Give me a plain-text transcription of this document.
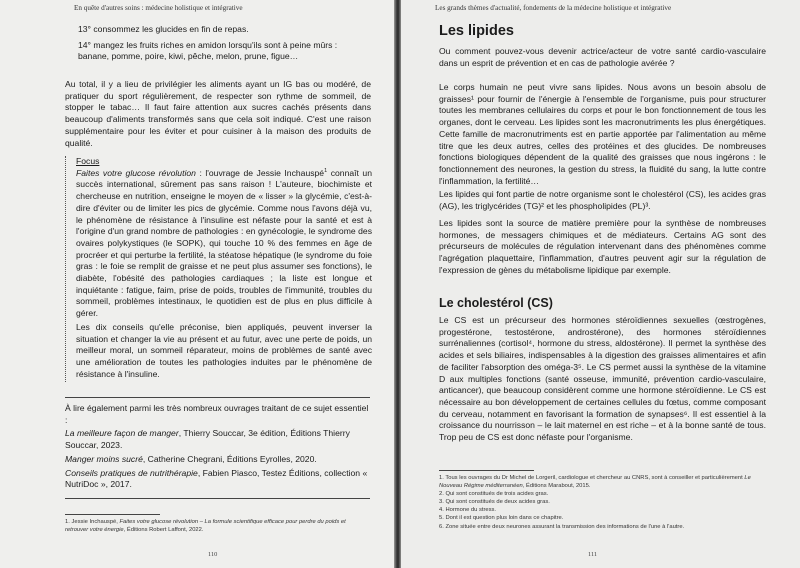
En quête d'autres soins : médecine holistique et intégrative

13° consommez les glucides en fin de repas.

14° mangez les fruits riches en amidon lorsqu'ils sont à peine mûrs : banane, pomme, poire, kiwi, pêche, melon, prune, figue…

Au total, il y a lieu de privilégier les aliments ayant un IG bas ou modéré, de pratiquer du sport régulièrement, de respecter son rythme de sommeil, de stopper le tabac… Il faut faire attention aux sucres cachés présents dans beaucoup d'aliments transformés sans que cela soit indiqué. C'est une raison supplémentaire pour les éviter et pour cuisiner à la maison des produits de qualité.

Focus

Faites votre glucose révolution : l'ouvrage de Jessie Inchauspé$^1$ connaît un succès international, sûrement pas sans raison ! L'auteure, biochimiste et chercheuse en nutrition, enseigne le moyen de « lisser » la glycémie, c'est-à-dire d'éviter ou de limiter les pics de glycémie. Comme nous l'avons déjà vu, le phénomène de résistance à l'insuline est néfaste pour la santé et est à l'origine d'un grand nombre de pathologies : en gynécologie, le syndrome des ovaires polykystiques (le SOPK), qui touche 10 % des femmes en âge de procréer et qui perturbe la fertilité, la stéatose hépatique (le syndrome du foie gras : le foie se remplit de graisse et ne peut plus assumer ses fonctions), le diabète, l'obésité des pathologies cardiaques ; la liste est longue et inquiétante : fatigue, faim, prise de poids, troubles de l'immunité, troubles du sommeil, problèmes intestinaux, le quotidien est de plus en plus difficile à gérer.

Les dix conseils qu'elle préconise, bien appliqués, peuvent inverser la situation et changer la vie au présent et au futur, avec une perte de poids, un meilleur moral, un sommeil réparateur, moins de problèmes de santé avec une amélioration de toutes les pathologies induites par le phénomène de résistance à l'insuline.

À lire également parmi les très nombreux ouvrages traitant de ce sujet essentiel :

La meilleure façon de manger, Thierry Souccar, 3e édition, Éditions Thierry Souccar, 2023.

Manger moins sucré, Catherine Chegrani, Éditions Eyrolles, 2020.

Conseils pratiques de nutrithérapie, Fabien Piasco, Testez Éditions, collection « NutriDoc », 2017.

1. Jessie Inchauspé, Faites votre glucose révolution – La formule scientifique efficace pour perdre du poids et retrouver votre énergie, Éditions Robert Laffont, 2022.

110
Les grands thèmes d'actualité, fondements de la médecine holistique et intégrative
Les lipides

Ou comment pouvez-vous devenir actrice/acteur de votre santé cardio-vasculaire dans un esprit de prévention et en cas de pathologie avérée ?

Le corps humain ne peut vivre sans lipides. Nous avons un besoin absolu de graisses¹ pour fournir de l'énergie à l'ensemble de l'organisme, puis pour structurer toutes les membranes cellulaires du corps et pour le bon fonctionnement de tous les organes, dont le cerveau. Les lipides sont les macronutriments les plus énergétiques. Cette famille de macronutriments est en partie apportée par l'alimentation au même titre que les deux autres, celles des protéines et des glucides. De nombreuses fonctions biologiques dépendent de la qualité des graisses que nous ingérons : le fonctionnement des neurones, la gestion du stress, la fluidité du sang, la lutte contre l'inflammation, la fertilité…

Les lipides qui font partie de notre organisme sont le cholestérol (CS), les acides gras (AG), les triglycérides (TG)² et les phospholipides (PL)³.

Les lipides sont la source de matière première pour la synthèse de nombreuses hormones, de messagers chimiques et de médiateurs. Certains AG sont des précurseurs de molécules de régulation intervenant dans des phénomènes comme l'agrégation plaquettaire, l'inflammation, d'autres peuvent agir sur la régulation de l'expression de gènes du métabolisme lipidique par exemple.

Le cholestérol (CS)

Le CS est un précurseur des hormones stéroïdiennes sexuelles (œstrogènes, progestérone, testostérone, androstérone), des hormones stéroïdiennes surrénaliennes (cortisol⁴, hormone du stress, aldostérone). Il permet la synthèse des acides et sels biliaires, indispensables à la digestion des graisses alimentaires et afin de faciliter l'absorption des oméga-3⁵. Le CS permet aussi la synthèse de la vitamine D aux multiples fonctions (santé osseuse, immunité, prévention cardio-vasculaire, anticancer), que beaucoup considèrent comme une hormone stéroïdienne. Le CS est nécessaire au bon développement de certaines cellules du fœtus, comme composant du cerveau, notamment en favorisant la formation de synapses⁶. Il est essentiel à la croissance du nourrisson – le lait maternel en est riche – et à la bonne santé de tous. Trop peu de CS est donc néfaste pour l'organisme.

1. Tous les ouvrages du Dr Michel de Lorgeril, cardiologue et chercheur au CNRS, sont à conseiller et particulièrement Le Nouveau Régime méditerranéen, Éditions Marabout, 2015.

2. Qui sont constitués de trois acides gras.

3. Qui sont constitués de deux acides gras.

4. Hormone du stress.

5. Dont il est question plus loin dans ce chapitre.

6. Zone située entre deux neurones assurant la transmission des informations de l'une à l'autre.

111
